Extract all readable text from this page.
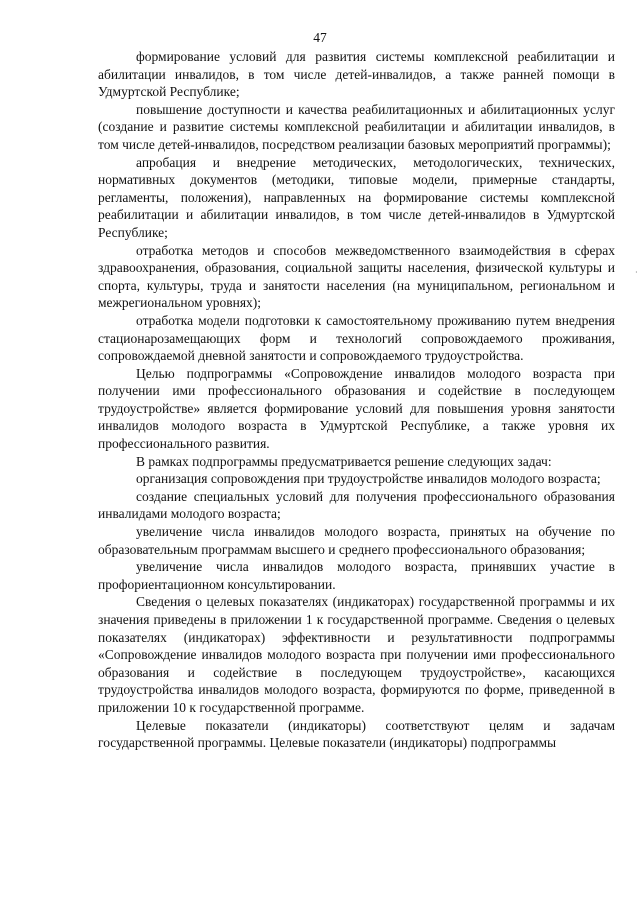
47
·

формирование условий для развития системы комплексной реабилитации и абилитации инвалидов, в том числе детей-инвалидов, а также ранней помощи в Удмуртской Республике;

повышение доступности и качества реабилитационных и абилитационных услуг (создание и развитие системы комплексной реабилитации и абилитации инвалидов, в том числе детей-инвалидов, посредством реализации базовых мероприятий программы);

апробация и внедрение методических, методологических, технических, нормативных документов (методики, типовые модели, примерные стандарты, регламенты, положения), направленных на формирование системы комплексной реабилитации и абилитации инвалидов, в том числе детей-инвалидов в Удмуртской Республике;

отработка методов и способов межведомственного взаимодействия в сферах здравоохранения, образования, социальной защиты населения, физической культуры и спорта, культуры, труда и занятости населения (на муниципальном, региональном и межрегиональном уровнях);

отработка модели подготовки к самостоятельному проживанию путем внедрения стационарозамещающих форм и технологий сопровождаемого проживания, сопровождаемой дневной занятости и сопровождаемого трудоустройства.

Целью подпрограммы «Сопровождение инвалидов молодого возраста при получении ими профессионального образования и содействие в последующем трудоустройстве» является формирование условий для повышения уровня занятости инвалидов молодого возраста в Удмуртской Республике, а также уровня их профессионального развития.

В рамках подпрограммы предусматривается решение следующих задач:

организация сопровождения при трудоустройстве инвалидов молодого возраста;

создание специальных условий для получения профессионального образования инвалидами молодого возраста;

увеличение числа инвалидов молодого возраста, принятых на обучение по образовательным программам высшего и среднего профессионального образования;

увеличение числа инвалидов молодого возраста, принявших участие в профориентационном консультировании.

Сведения о целевых показателях (индикаторах) государственной программы и их значения приведены в приложении 1 к государственной программе. Сведения о целевых показателях (индикаторах) эффективности и результативности подпрограммы «Сопровождение инвалидов молодого возраста при получении ими профессионального образования и содействие в последующем трудоустройстве», касающихся трудоустройства инвалидов молодого возраста, формируются по форме, приведенной в приложении 10 к государственной программе.

Целевые показатели (индикаторы) соответствуют целям и задачам государственной программы. Целевые показатели (индикаторы) подпрограммы
